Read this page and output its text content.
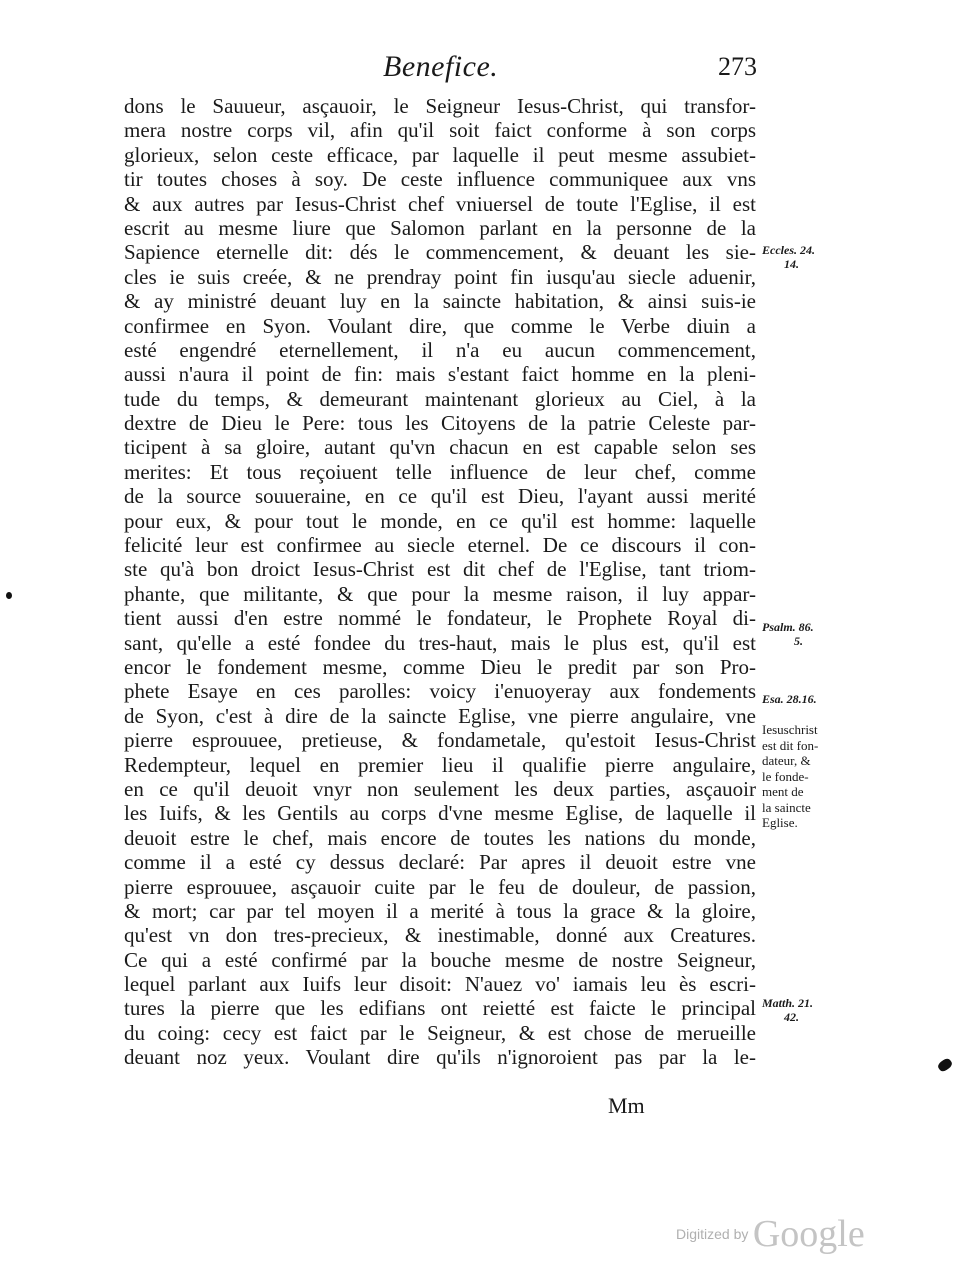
Benefice.	273
dons le Sauueur, asçauoir, le Seigneur Iesus-Christ, qui transfor-
mera nostre corps vil, afin qu'il soit faict conforme à son corps
glorieux, selon ceste efficace, par laquelle il peut mesme assubiet-
tir toutes choses à soy. De ceste influence communiquee aux vns
& aux autres par Iesus-Christ chef vniuersel de toute l'Eglise, il est
escrit au mesme liure que Salomon parlant en la personne de la
Sapience eternelle dit: dés le commencement, & deuant les sie-
cles ie suis creée, & ne prendray point fin iusqu'au siecle aduenir,
& ay ministré deuant luy en la saincte habitation, & ainsi suis-ie
confirmee en Syon. Voulant dire, que comme le Verbe diuin a
esté engendré eternellement, il n'a eu aucun commencement,
aussi n'aura il point de fin: mais s'estant faict homme en la pleni-
tude du temps, & demeurant maintenant glorieux au Ciel, à la
dextre de Dieu le Pere: tous les Citoyens de la patrie Celeste par-
ticipent à sa gloire, autant qu'vn chacun en est capable selon ses
merites: Et tous reçoiuent telle influence de leur chef, comme
de la source souueraine, en ce qu'il est Dieu, l'ayant aussi merité
pour eux, & pour tout le monde, en ce qu'il est homme: laquelle
felicité leur est confirmee au siecle eternel. De ce discours il con-
ste qu'à bon droict Iesus-Christ est dit chef de l'Eglise, tant triom-
phante, que militante, & que pour la mesme raison, il luy appar-
tient aussi d'en estre nommé le fondateur, le Prophete Royal di-
sant, qu'elle a esté fondee du tres-haut, mais le plus est, qu'il est
encor le fondement mesme, comme Dieu le predit par son Pro-
phete Esaye en ces parolles: voicy i'enuoyeray aux fondements
de Syon, c'est à dire de la saincte Eglise, vne pierre angulaire, vne
pierre esprouuee, pretieuse, & fondametale, qu'estoit Iesus-Christ
Redempteur, lequel en premier lieu il qualifie pierre angulaire,
en ce qu'il deuoit vnyr non seulement les deux parties, asçauoir
les Iuifs, & les Gentils au corps d'vne mesme Eglise, de laquelle il
deuoit estre le chef, mais encore de toutes les nations du monde,
comme il a esté cy dessus declaré: Par apres il deuoit estre vne
pierre esprouuee, asçauoir cuite par le feu de douleur, de passion,
& mort; car par tel moyen il a merité à tous la grace & la gloire,
qu'est vn don tres-precieux, & inestimable, donné aux Creatures.
Ce qui a esté confirmé par la bouche mesme de nostre Seigneur,
lequel parlant aux Iuifs leur disoit: N'auez vo' iamais leu ès escri-
tures la pierre que les edifians ont reietté est faicte le principal
du coing: cecy est faict par le Seigneur, & est chose de merueille
deuant noz yeux. Voulant dire qu'ils n'ignoroient pas par la le-
Eccles. 24.
14.
Psalm. 86.
5.
Esa. 28.16.
Iesuschrist
est dit fon-
dateur, &
le fonde-
ment de
la saincte
Eglise.
Matth. 21.
42.
Mm
Digitized by Google
